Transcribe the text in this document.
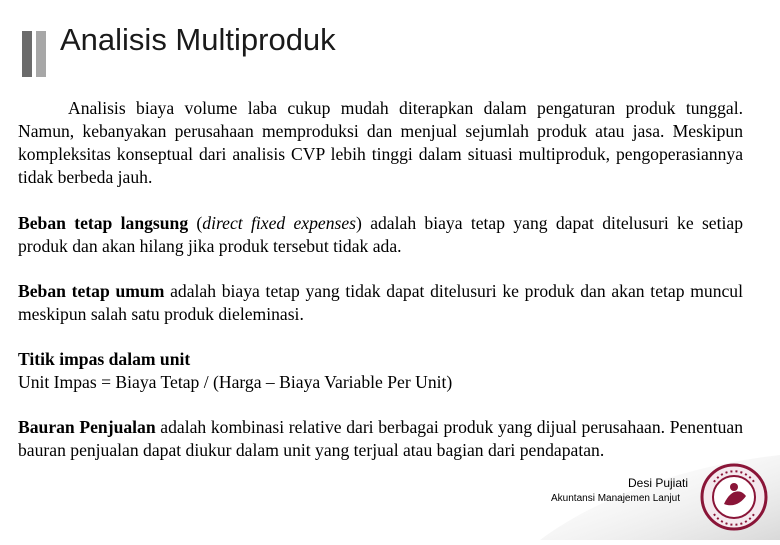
Analisis Multiproduk

Analisis biaya volume laba cukup mudah diterapkan dalam pengaturan produk tunggal. Namun, kebanyakan perusahaan memproduksi dan menjual sejumlah produk atau jasa. Meskipun kompleksitas konseptual dari analisis CVP lebih tinggi dalam situasi multiproduk, pengoperasiannya tidak berbeda jauh.

Beban tetap langsung (direct fixed expenses) adalah biaya tetap yang dapat ditelusuri ke setiap produk dan akan hilang jika produk tersebut tidak ada.

Beban tetap umum adalah biaya tetap yang tidak dapat ditelusuri ke produk dan akan tetap muncul meskipun salah satu produk dieleminasi.

Titik impas dalam unit

Unit Impas = Biaya Tetap / (Harga – Biaya Variable Per Unit)

Bauran Penjualan adalah kombinasi relative dari berbagai produk yang dijual perusahaan. Penentuan bauran penjualan dapat diukur dalam unit yang terjual atau bagian dari pendapatan.

Desi Pujiati
Akuntansi Manajemen Lanjut
